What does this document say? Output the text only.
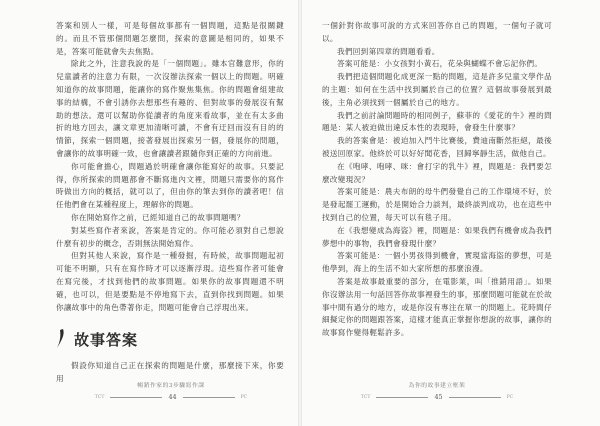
答案和別人一樣，可是每個故事都有一個問題，這點是很關鍵的。而且不管那個問題怎麼問，探索的意圖是相同的，如果不是，答案可能就會失去焦點。

除此之外，注意我說的是「一個問題」。雖本官難意形，你的兒童讀者的注意力有限，一次沒辦法探索一個以上的問題。明確知道你的故事問題，能讓你的寫作聚焦集焦。你的問題會組建故事的結構，不會引誘你去想那些有趣的、但對故事的發展沒有幫助的想法。還可以幫助你從讀者的角度來看故事，並在有太多曲折的地方回去，讓文章更加清晰可讀，不會有迂回而沒有目的的情節，探索一個問題，接著發展出探索另一個，發展你的問題，會讓你的故事明確一致，也會讓讀者跟隨你到正確的方向前進。

你可能會擔心，問題過於明確會讓你能寫好的故事。只要記得，你所探索的問題都會不斷寫進內文裡，問題只需要你的寫作時做出方向的概括，就可以了，但由你的筆去到你的讀者吧！信任他們會在某種程度上，理解你的問題。

你在開始寫作之前，已經知道自己的故事問題嗎？

對某些寫作者來說，答案是肯定的。你可能必須對自己想說什麼有初步的概念，否則無法開始寫作。

但對其他人來說，寫作是一種發掘，有時候，故事問題起初可能不明顯，只有在寫作時才可以逐漸浮現。這些寫作者可能會在寫完後，才找到他們的故事問題。如果你的故事問題還不明確，也可以，但是要點是不停地寫下去，直到你找到問題。如果你讓故事中的角色帶著你走，問題可能會自己浮現出來。

故事答案

假設你知道自己正在探索的問題是什麼，那麼接下來，你要用

暢銷作家的3步驟寫作課
TCT	44	PC

一個針對你故事可說的方式來回答你自己的問題，一個句子就可以。

我們回到第四章的問題看看。

答案可能是：小女孩對小黃石，花朵與蝴蝶不會忘記你們。

我們把這個問題化成更深一點的問題，這是許多兒童文學作品的主題：如何在生活中找到屬於自己的位置？這個故事發展到最後，主角必須找到一個屬於自己的地方。

我們之前討論問題時的相同例子，蘇菲的《愛花的牛》裡的問題是：某人被迫做出違反本性的表現時，會發生什麼事？

我的答案會是：被迫加入鬥牛比賽後，費迪南斷然拒絕，最後被送回原家。他終於可以好好聞花香，回歸寧靜生活，做他自己。

在《咆哮、咆哮、咪：會打字的乳牛》裡，問題是：我們要怎麼改變現況？

答案可能是：農夫布朗的母牛們發覺自己的工作環境不好，於是發起罷工運動，於是開始合力談判，最終談判成功，也在這些中找到自己的位置，每天可以有毯子用。

在《我想變成為海盜》裡，問題是：如果我們有機會成為我們夢想中的事物，我們會發現什麼？

答案可能是：一個小男孩得到機會，實現當海盜的夢想，可是他學到，海上的生活不如大家所想的那麼浪漫。

答案是故事最重要的部分，在電影業，叫「推銷用語」。如果你沒辦法用一句話回答你故事裡發生的事，那麼問題可能就在於故事中間有過分的地方，或是你沒有專注在單一的問題上。花時間仔細擬定你的問題跟答案，這樣才能真正掌握你想說的故事，讓你的故事寫作變得輕鬆許多。

為你的故事建立框架
TCT	45	PC
